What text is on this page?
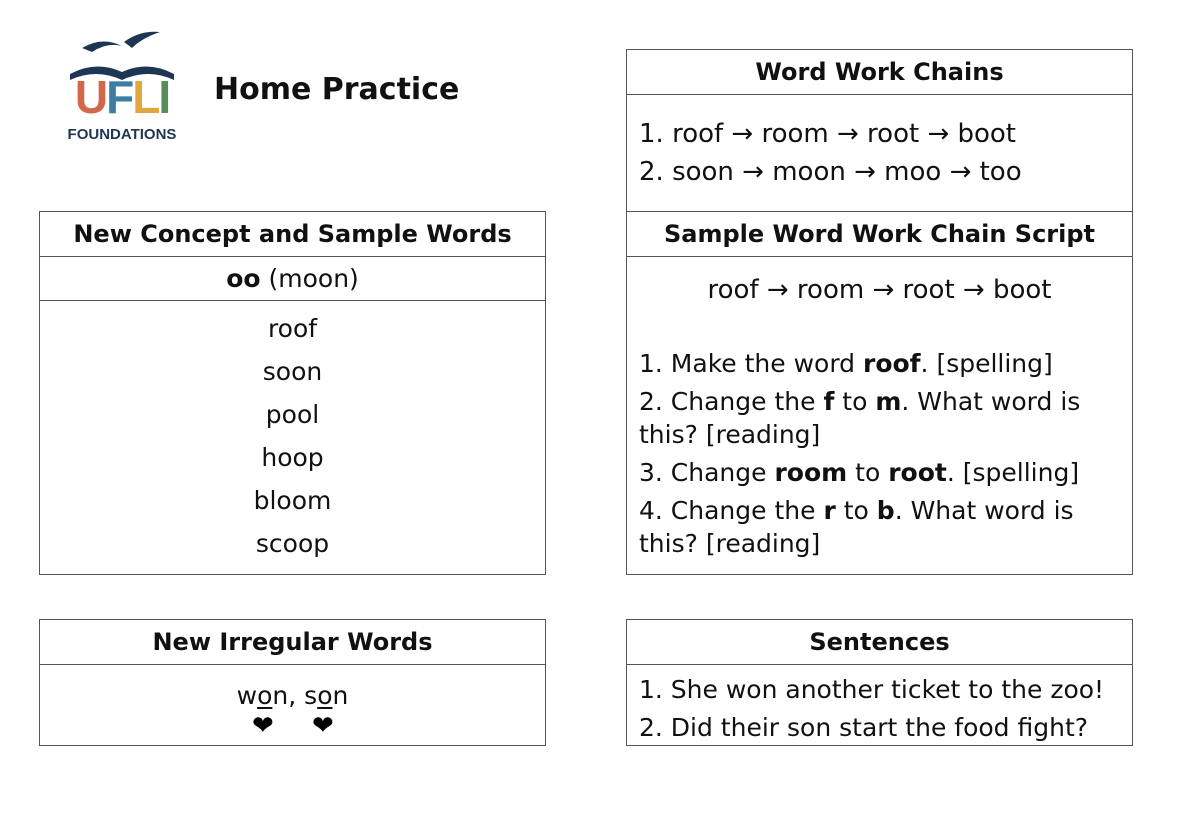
UFLI
FOUNDATIONS
Home Practice
New Concept and Sample Words
oo (moon)
roof
soon
pool
hoop
bloom
scoop
New Irregular Words
won, son
❤ ❤
Word Work Chains
1. roof → room → root → boot
2. soon → moon → moo → too
Sample Word Work Chain Script
roof → room → root → boot
1. Make the word roof. [spelling]
2. Change the f to m. What word is this? [reading]
3. Change room to root. [spelling]
4. Change the r to b. What word is this? [reading]
Sentences
1. She won another ticket to the zoo!
2. Did their son start the food fight?
